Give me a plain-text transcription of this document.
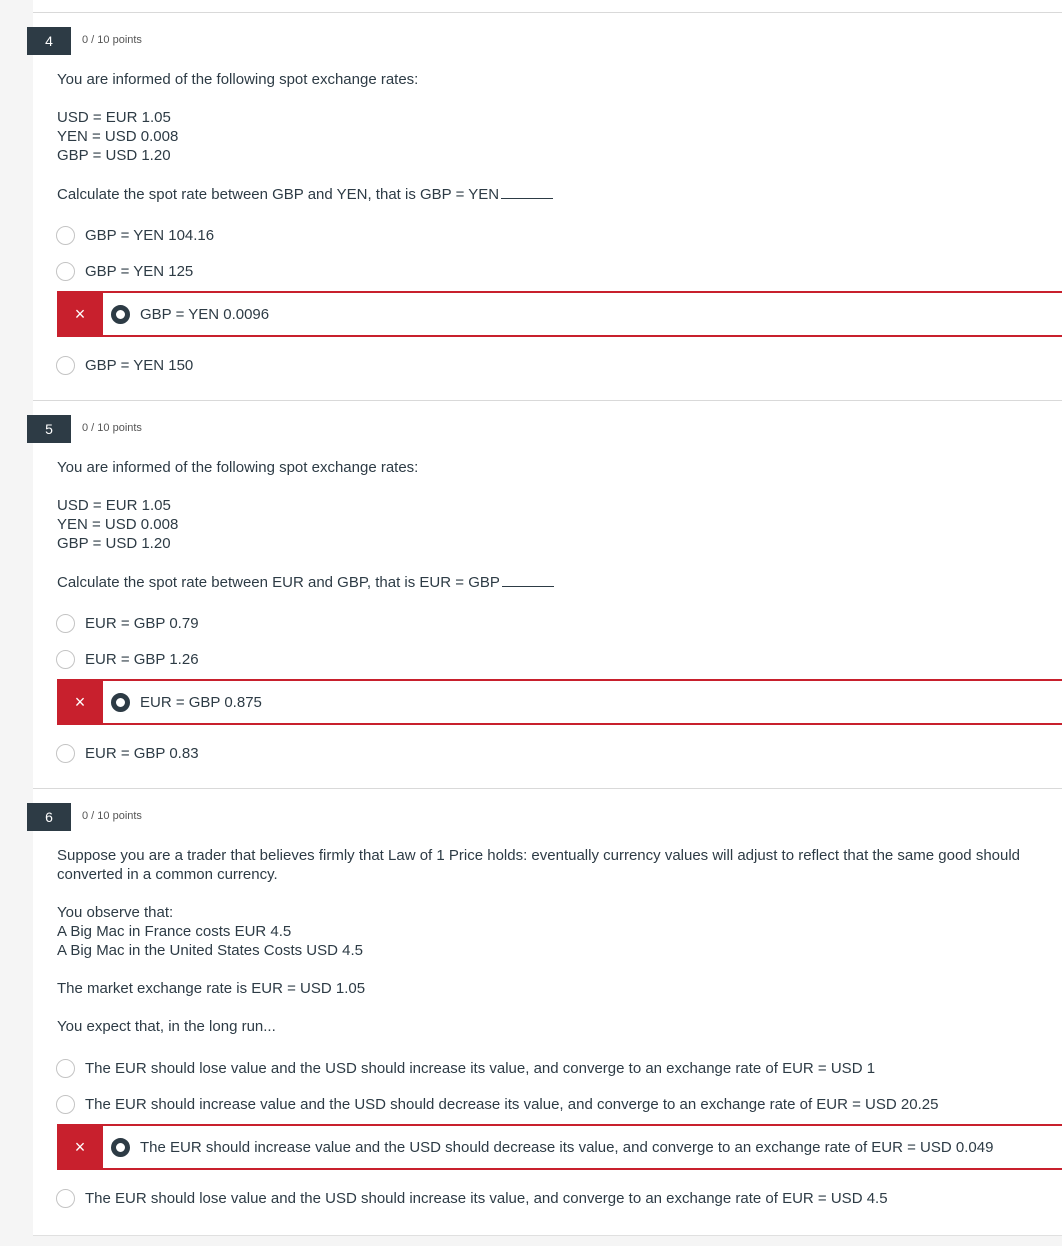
4	0 / 10 points
You are informed of the following spot exchange rates:
USD = EUR 1.05
YEN = USD 0.008
GBP = USD 1.20
Calculate the spot rate between GBP and YEN, that is GBP = YEN
GBP = YEN 104.16
GBP = YEN 125
×	GBP = YEN 0.0096
GBP = YEN 150
5	0 / 10 points
You are informed of the following spot exchange rates:
USD = EUR 1.05
YEN = USD 0.008
GBP = USD 1.20
Calculate the spot rate between EUR and GBP, that is EUR = GBP
EUR = GBP 0.79
EUR = GBP 1.26
×	EUR = GBP 0.875
EUR = GBP 0.83
6	0 / 10 points
Suppose you are a trader that believes firmly that Law of 1 Price holds: eventually currency values will adjust to reflect that the same good should
converted in a common currency.
You observe that:
A Big Mac in France costs EUR 4.5
A Big Mac in the United States Costs USD 4.5
The market exchange rate is EUR = USD 1.05
You expect that, in the long run...
The EUR should lose value and the USD should increase its value, and converge to an exchange rate of EUR = USD 1
The EUR should increase value and the USD should decrease its value, and converge to an exchange rate of EUR = USD 20.25
×	The EUR should increase value and the USD should decrease its value, and converge to an exchange rate of EUR = USD 0.049
The EUR should lose value and the USD should increase its value, and converge to an exchange rate of EUR = USD 4.5
